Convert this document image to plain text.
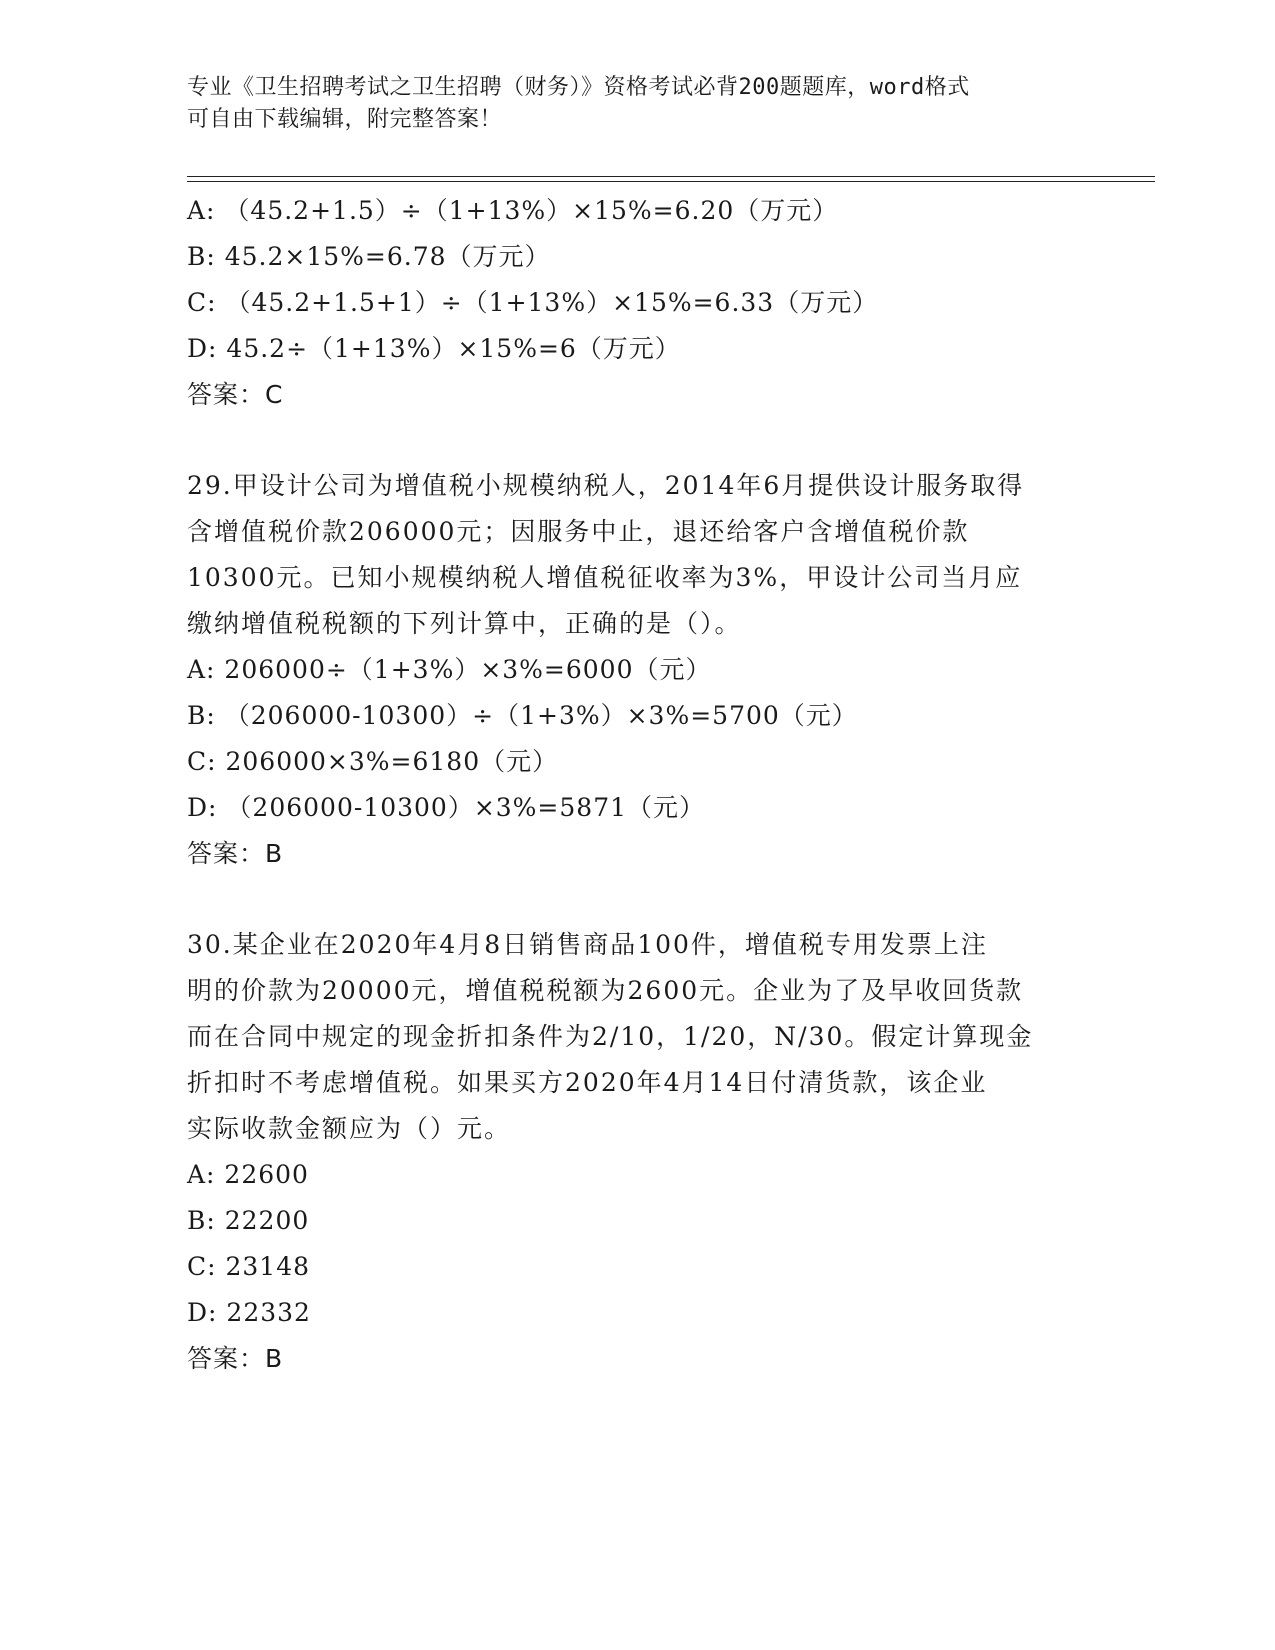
专业《卫生招聘考试之卫生招聘（财务）》资格考试必背200题题库，word格式
可自由下载编辑，附完整答案！
A: （45.2+1.5）÷（1+13%）×15%=6.20（万元）
B: 45.2×15%=6.78（万元）
C: （45.2+1.5+1）÷（1+13%）×15%=6.33（万元）
D: 45.2÷（1+13%）×15%=6（万元）
答案：C
29.甲设计公司为增值税小规模纳税人，2014年6月提供设计服务取得
含增值税价款206000元；因服务中止，退还给客户含增值税价款
10300元。已知小规模纳税人增值税征收率为3%，甲设计公司当月应
缴纳增值税税额的下列计算中，正确的是（）。
A: 206000÷（1+3%）×3%=6000（元）
B: （206000-10300）÷（1+3%）×3%=5700（元）
C: 206000×3%=6180（元）
D: （206000-10300）×3%=5871（元）
答案：B
30.某企业在2020年4月8日销售商品100件，增值税专用发票上注
明的价款为20000元，增值税税额为2600元。企业为了及早收回货款
而在合同中规定的现金折扣条件为2/10，1/20，N/30。假定计算现金
折扣时不考虑增值税。如果买方2020年4月14日付清货款，该企业
实际收款金额应为（）元。
A: 22600
B: 22200
C: 23148
D: 22332
答案：B
